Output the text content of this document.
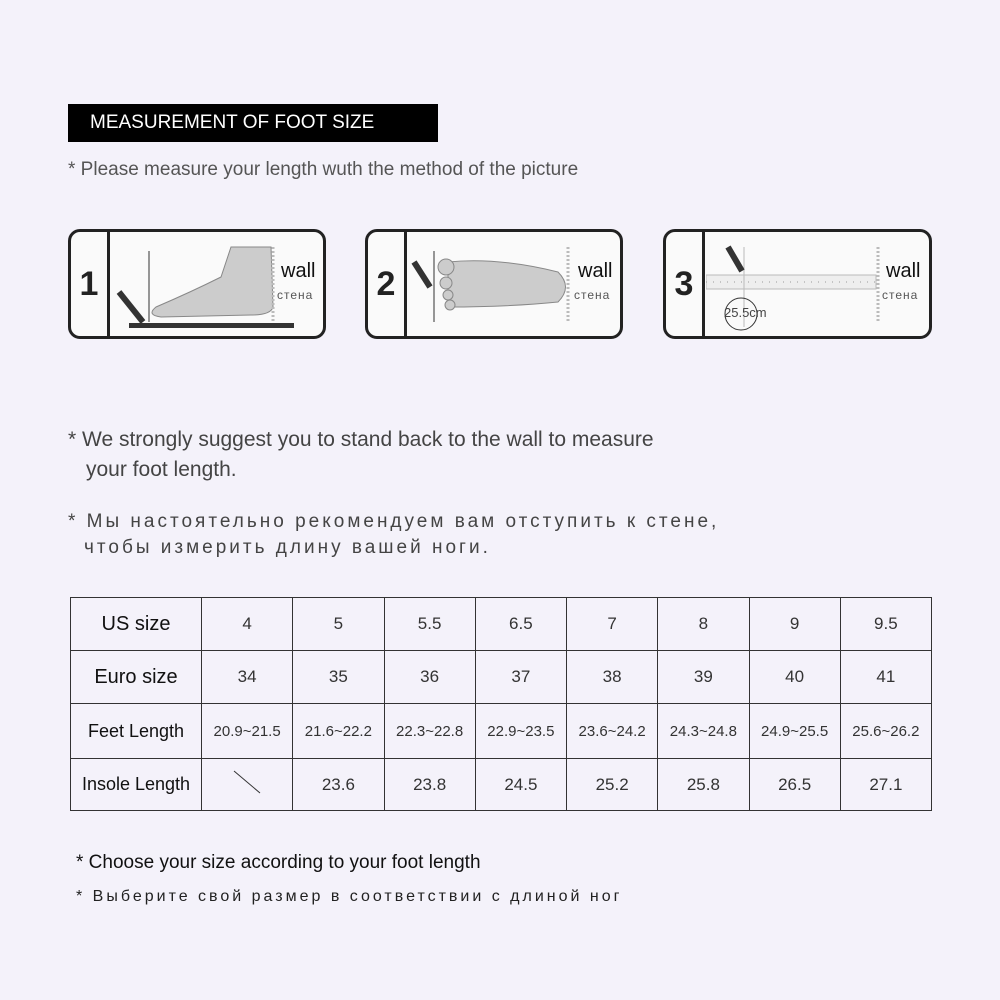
MEASUREMENT OF FOOT SIZE
* Please measure your length wuth the method of the picture
1	wall
стена 2	wall
стена 3
25.5cm
wall
стена
* We strongly suggest you to stand back to the wall to measure
your foot length.
* Мы настоятельно рекомендуем вам отступить к стене,
чтобы измерить длину вашей ноги.
US size	4	5	5.5	6.5	7	8	9	9.5
Euro size	34	35	36	37	38	39	40	41
Feet Length	20.9~21.5	21.6~22.2	22.3~22.8	22.9~23.5	23.6~24.2	24.3~24.8	24.9~25.5	25.6~26.2
Insole Length		23.6	23.8	24.5	25.2	25.8	26.5	27.1
* Choose your size according to your foot length
* Выберите свой размер в соответствии с длиной ног
